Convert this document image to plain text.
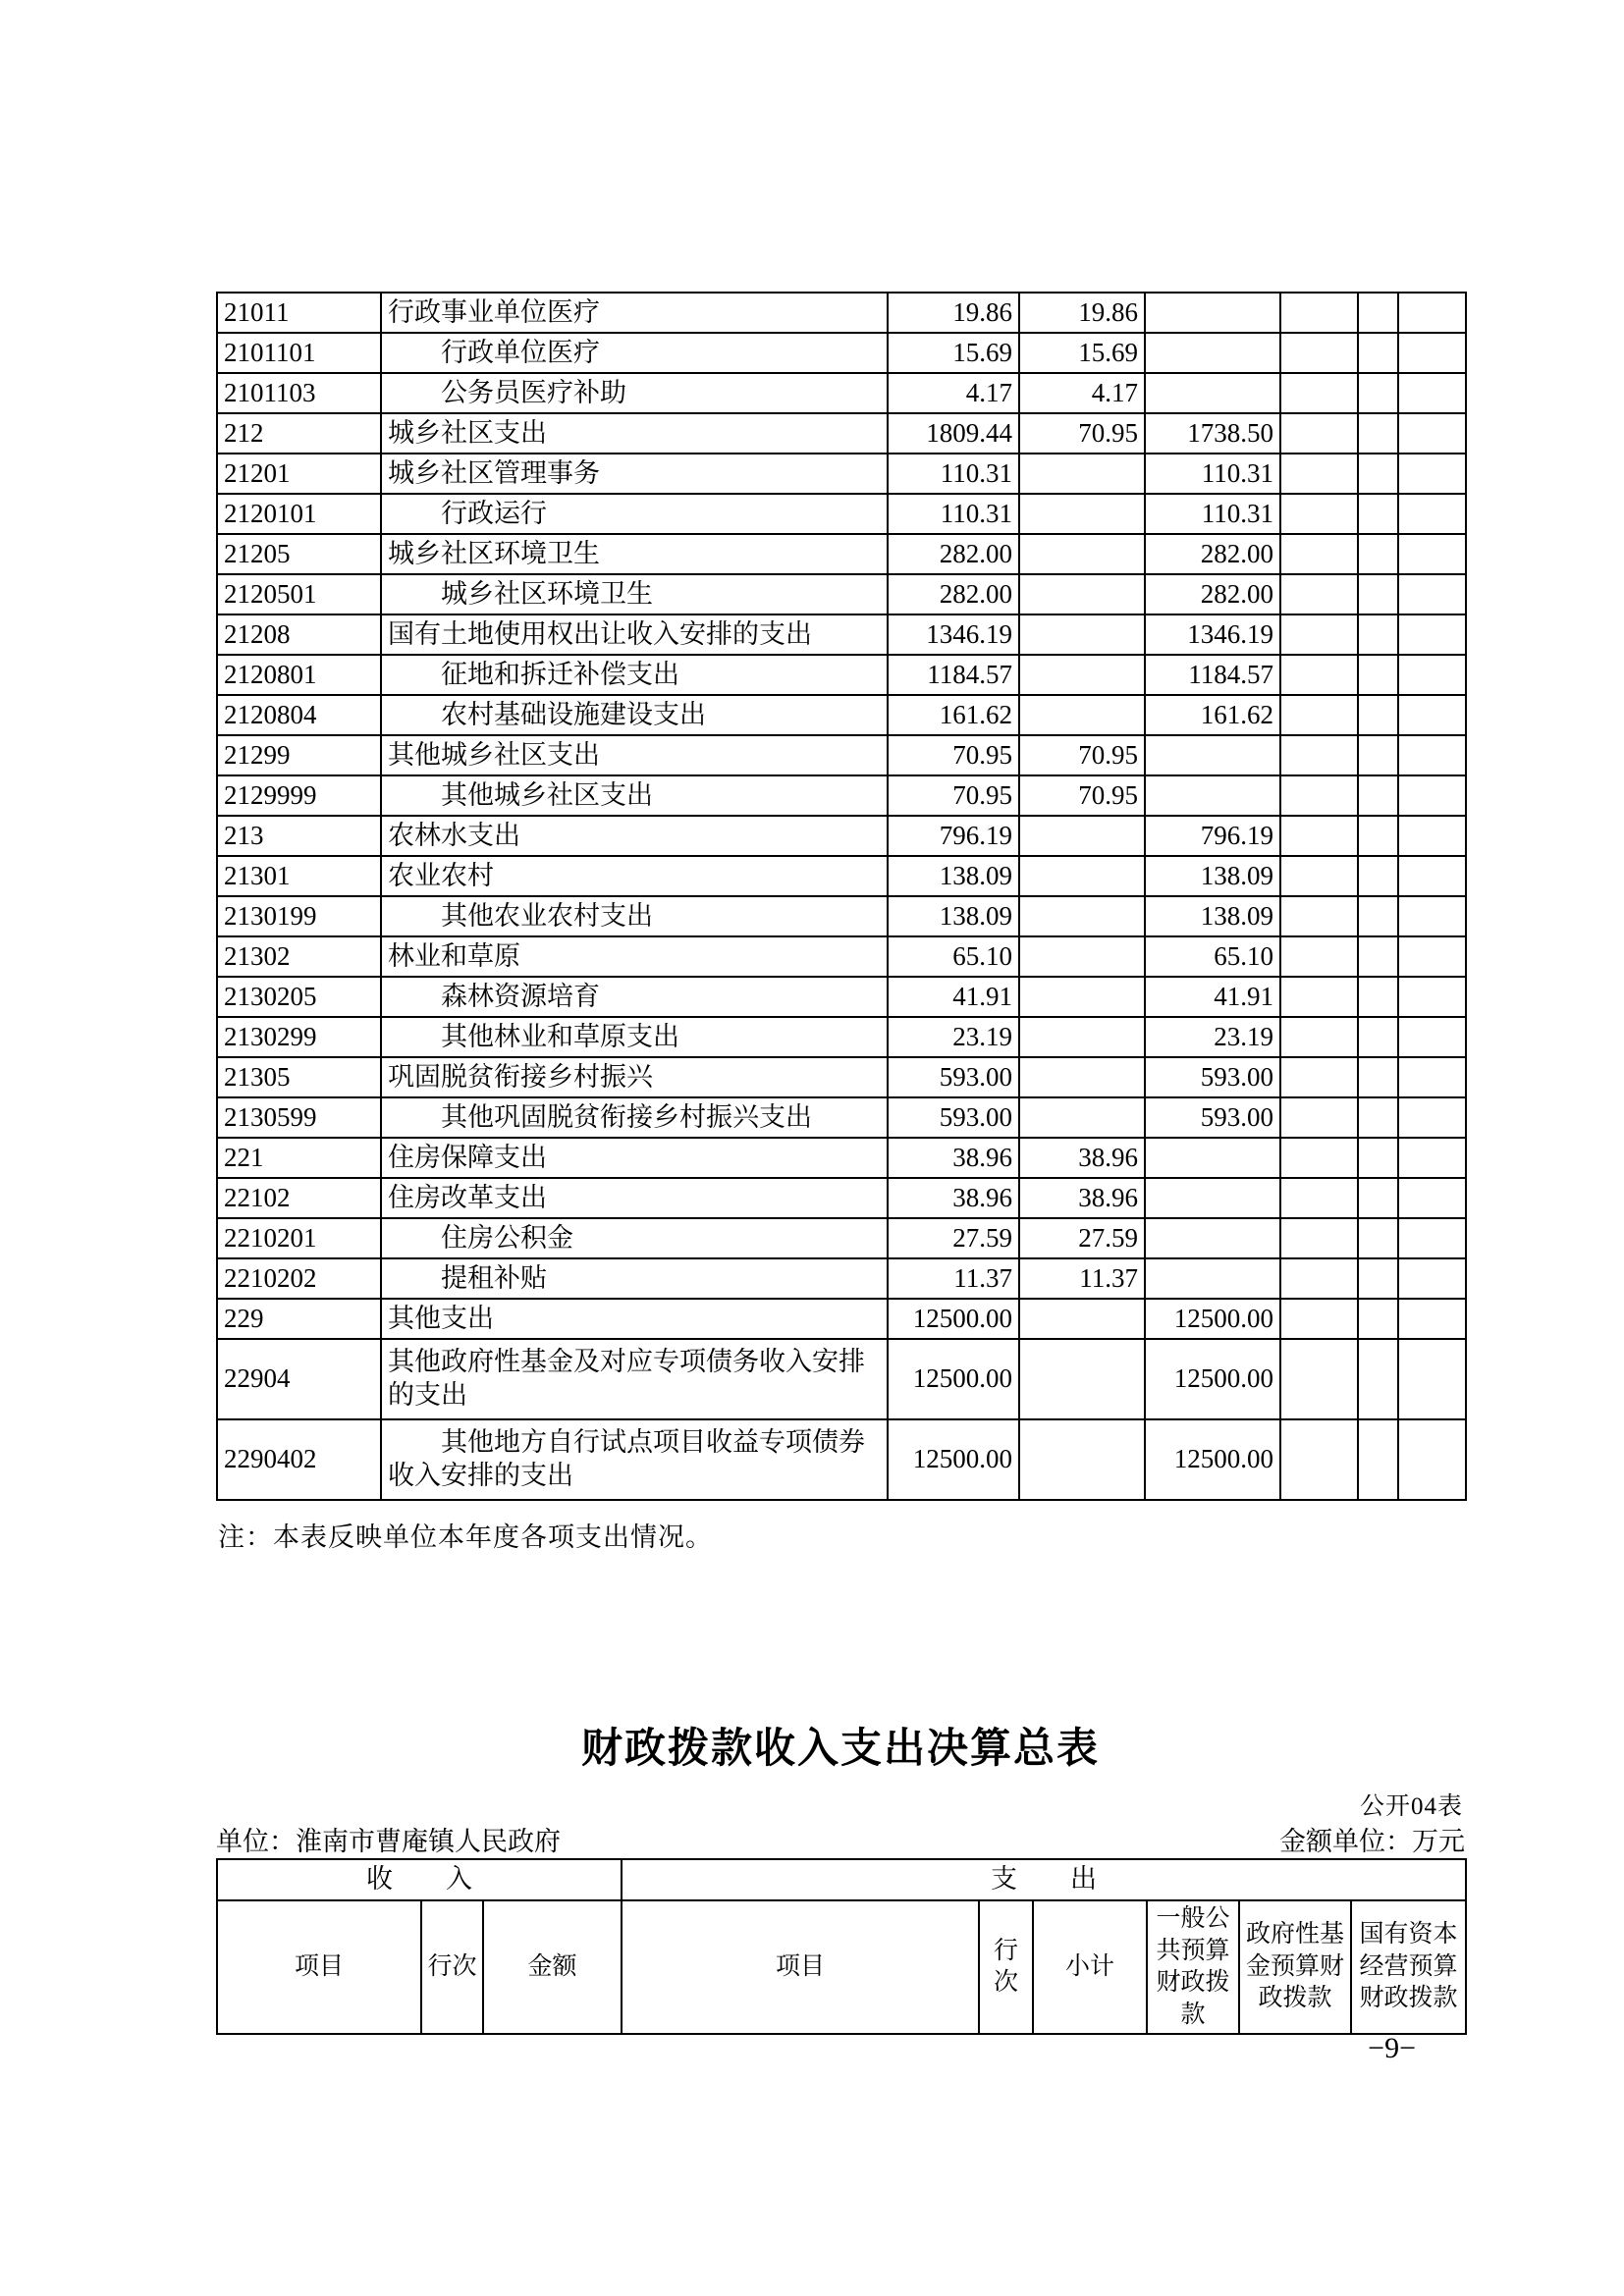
21011	行政事业单位医疗	19.86	19.86				
2101101	行政单位医疗	15.69	15.69				
2101103	公务员医疗补助	4.17	4.17				
212	城乡社区支出	1809.44	70.95	1738.50			
21201	城乡社区管理事务	110.31		110.31			
2120101	行政运行	110.31		110.31			
21205	城乡社区环境卫生	282.00		282.00			
2120501	城乡社区环境卫生	282.00		282.00			
21208	国有土地使用权出让收入安排的支出	1346.19		1346.19			
2120801	征地和拆迁补偿支出	1184.57		1184.57			
2120804	农村基础设施建设支出	161.62		161.62			
21299	其他城乡社区支出	70.95	70.95				
2129999	其他城乡社区支出	70.95	70.95				
213	农林水支出	796.19		796.19			
21301	农业农村	138.09		138.09			
2130199	其他农业农村支出	138.09		138.09			
21302	林业和草原	65.10		65.10			
2130205	森林资源培育	41.91		41.91			
2130299	其他林业和草原支出	23.19		23.19			
21305	巩固脱贫衔接乡村振兴	593.00		593.00			
2130599	其他巩固脱贫衔接乡村振兴支出	593.00		593.00			
221	住房保障支出	38.96	38.96				
22102	住房改革支出	38.96	38.96				
2210201	住房公积金	27.59	27.59				
2210202	提租补贴	11.37	11.37				
229	其他支出	12500.00		12500.00			
22904	其他政府性基金及对应专项债务收入安排的支出	12500.00		12500.00			
2290402	其他地方自行试点项目收益专项债券收入安排的支出	12500.00		12500.00			
注：本表反映单位本年度各项支出情况。
财政拨款收入支出决算总表
公开04表
单位：淮南市曹庵镇人民政府	金额单位：万元
收　　入			支　　出					
项目	行次	金额	项目	行次	小计	一般公共预算财政拨款	政府性基金预算财政拨款	国有资本经营预算财政拨款
−9−
